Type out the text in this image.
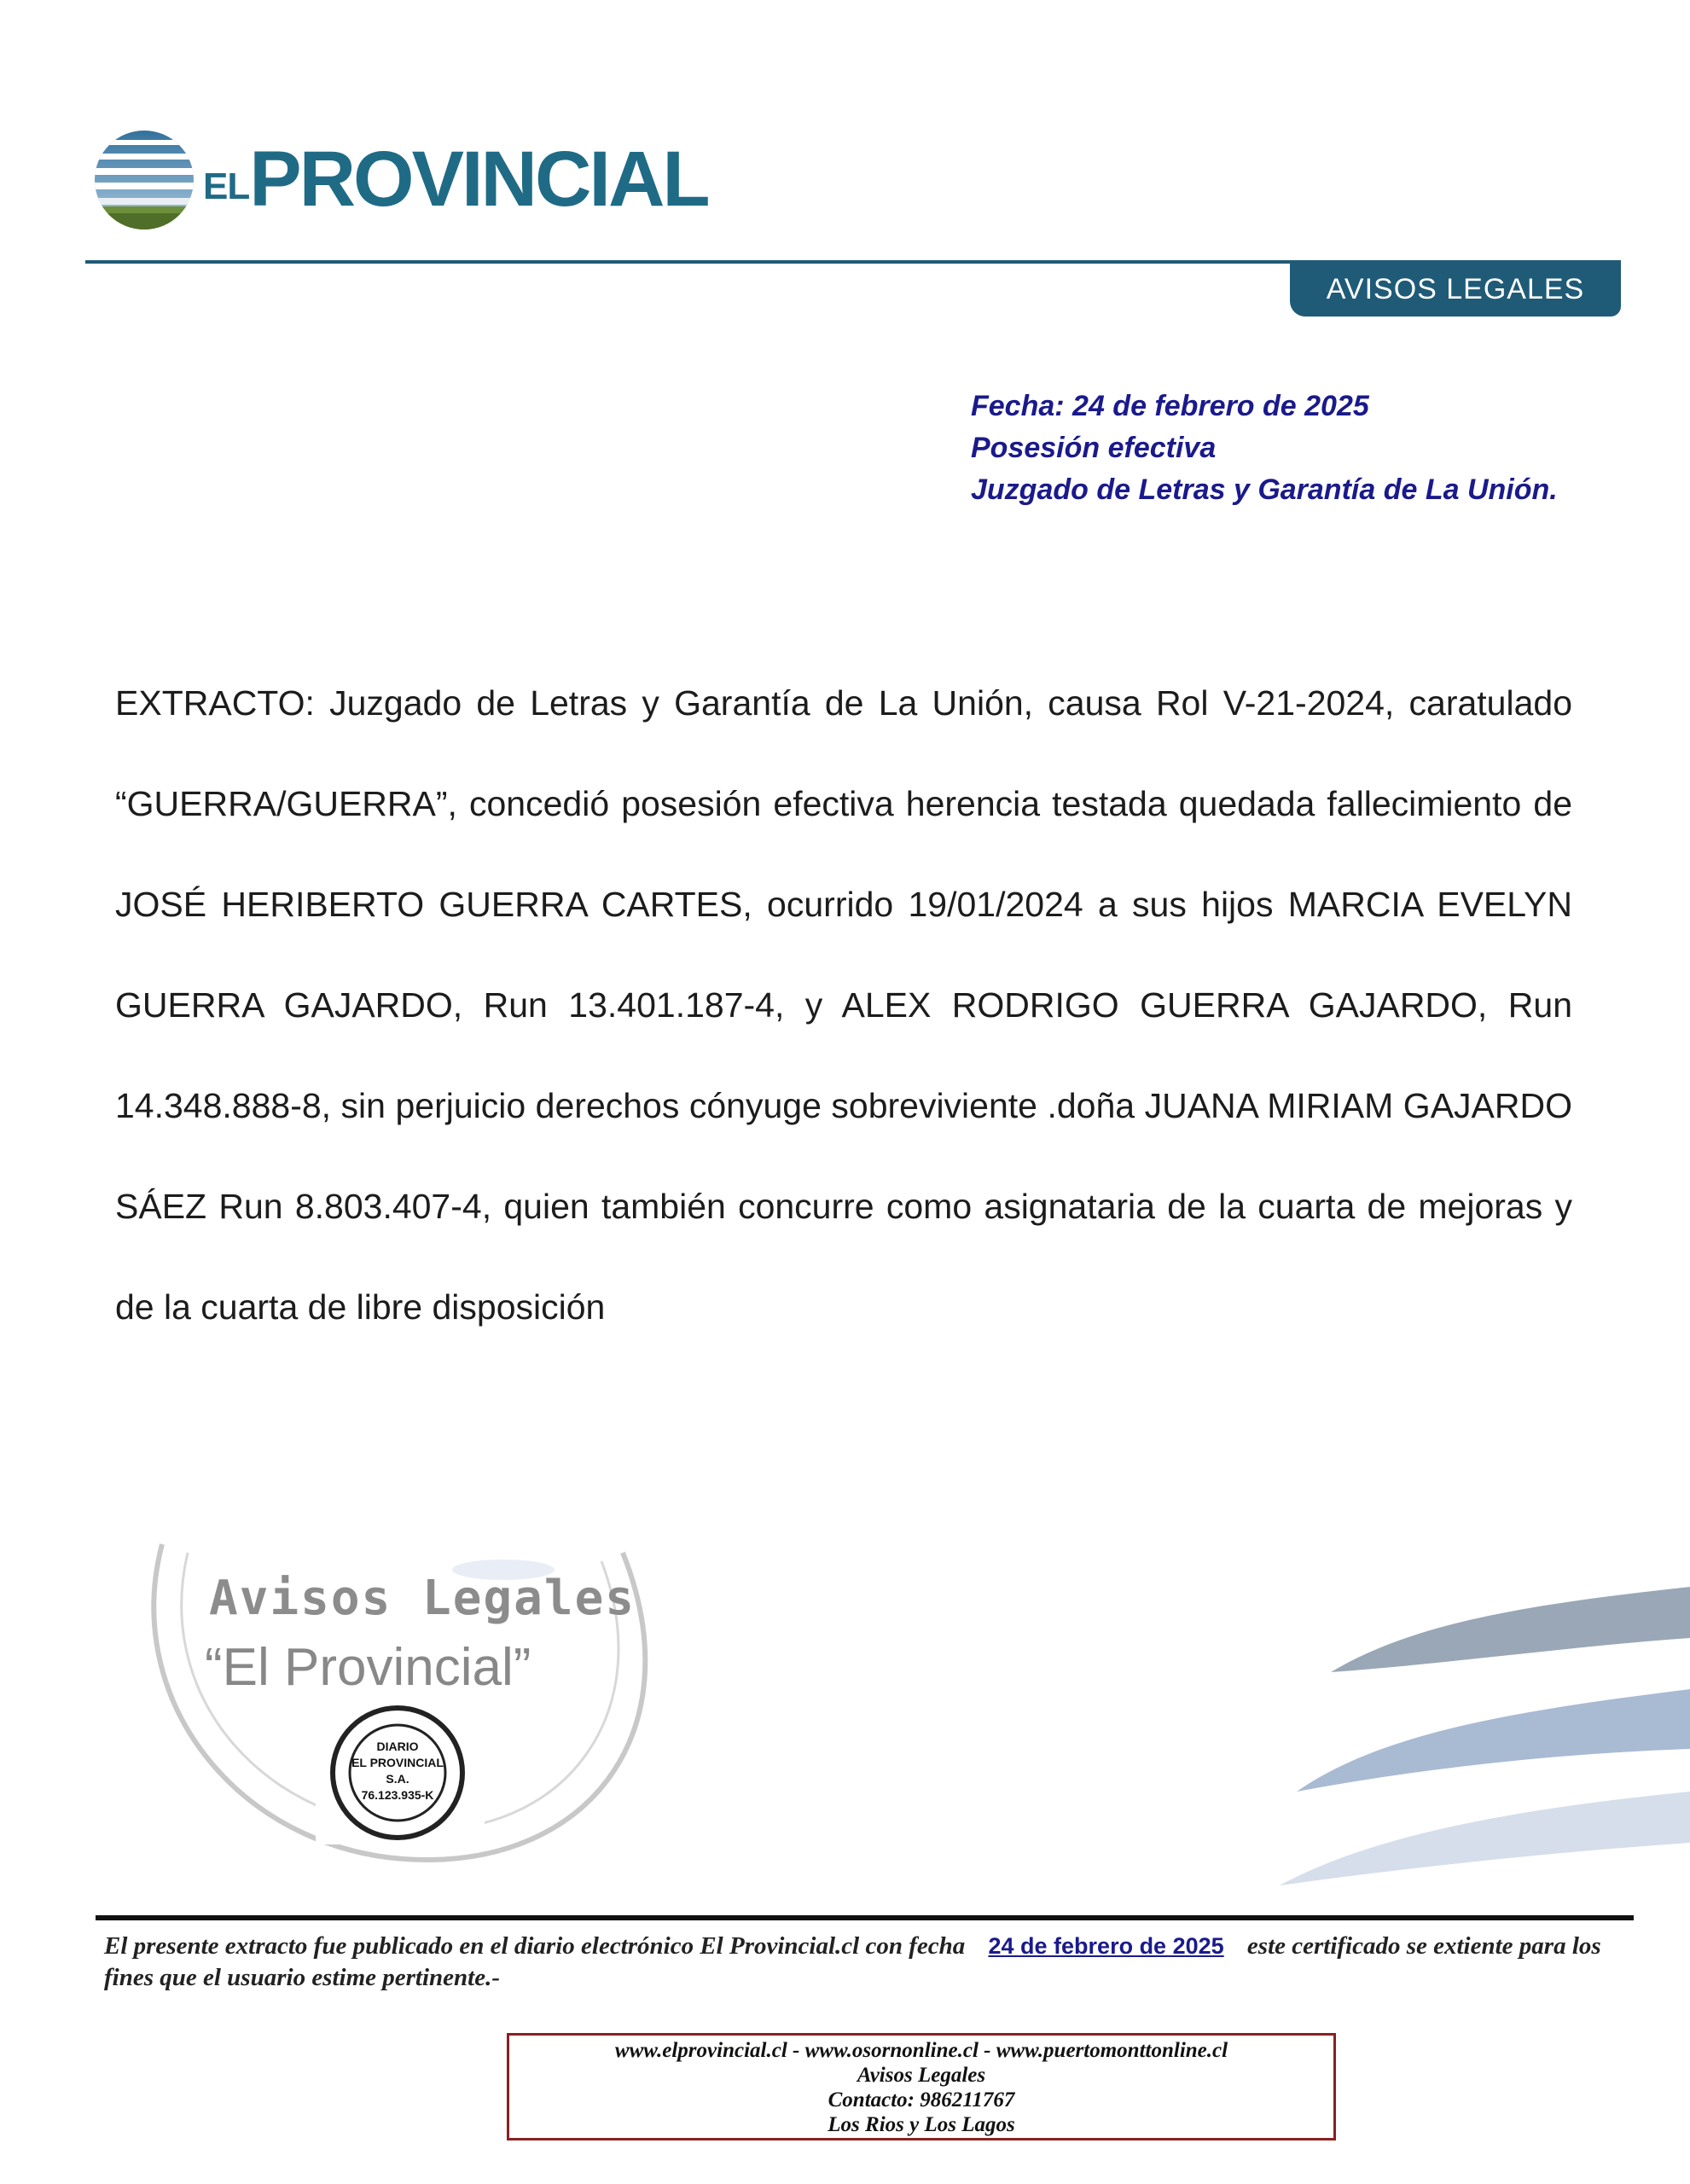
ELPROVINCIAL
AVISOS LEGALES
Fecha: 24 de febrero de 2025
Posesión efectiva
Juzgado de Letras y Garantía de La Unión.
EXTRACTO: Juzgado de Letras y Garantía de La Unión, causa Rol V-21-2024, caratulado “GUERRA/GUERRA”, concedió posesión efectiva herencia testada quedada fallecimiento de JOSÉ HERIBERTO GUERRA CARTES, ocurrido 19/01/2024 a sus hijos MARCIA EVELYN GUERRA GAJARDO, Run 13.401.187-4, y ALEX RODRIGO GUERRA GAJARDO, Run 14.348.888-8, sin perjuicio derechos cónyuge sobreviviente .doña JUANA MIRIAM GAJARDO SÁEZ Run 8.803.407-4, quien también concurre como asignataria de la cuarta de mejoras y de la cuarta de libre disposición
Avisos Legales
“El Provincial”
DIARIO
EL PROVINCIAL
S.A.
76.123.935-K
El presente extracto fue publicado en el diario electrónico El Provincial.cl con fecha 24 de febrero de 2025 este certificado se extiente para los fines que el usuario estime pertinente.-
www.elprovincial.cl - www.osornonline.cl - www.puertomonttonline.cl
Avisos Legales
Contacto: 986211767
Los Rios y Los Lagos
